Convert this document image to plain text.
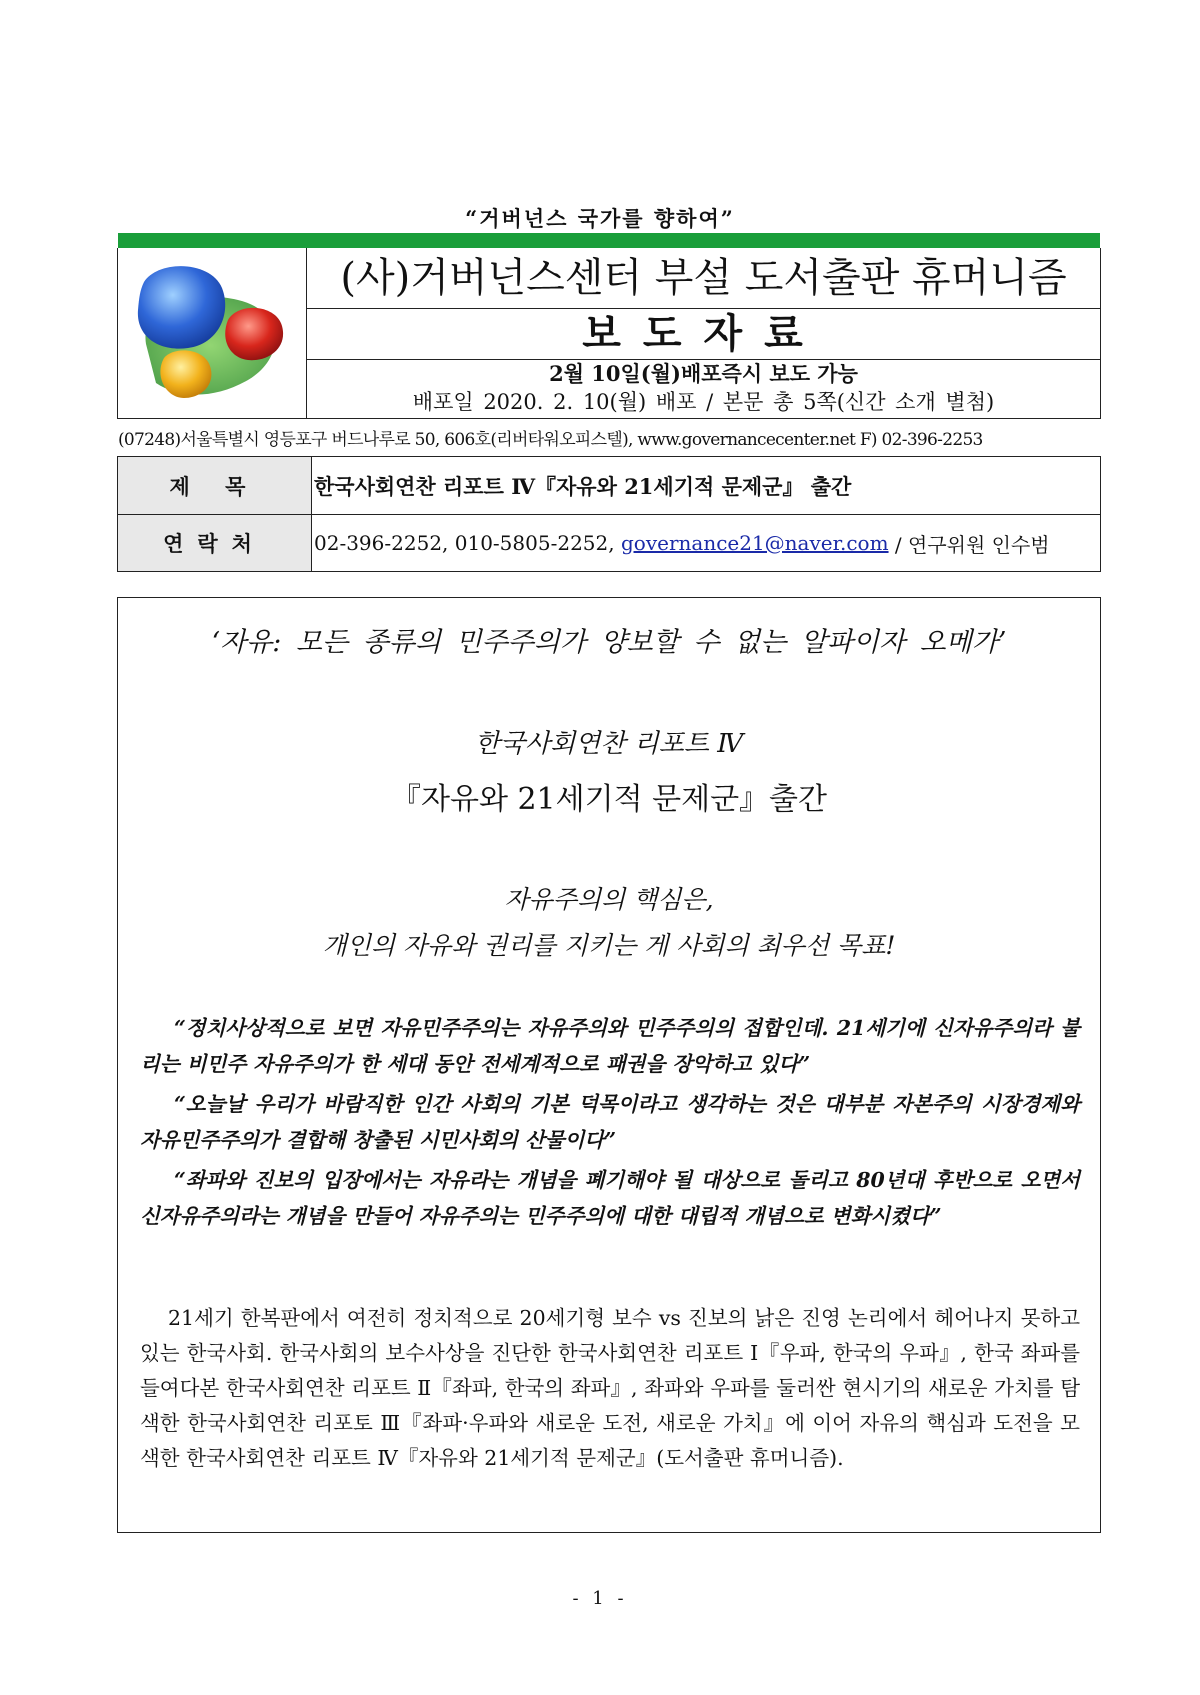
“거버넌스 국가를 향하여”
(사)거버넌스센터 부설 도서출판 휴머니즘
보도자료
2월 10일(월)배포즉시 보도 가능
배포일 2020. 2. 10(월) 배포 / 본문 총 5쪽(신간 소개 별첨)
(07248)서울특별시 영등포구 버드나루로 50, 606호(리버타워오피스텔), www.governancecenter.net F) 02-396-2253
제 목	한국사회연찬 리포트 Ⅳ『자유와 21세기적 문제군』 출간
연락처	02-396-2252, 010-5805-2252,
governance21@naver.com
/ 연구위원 인수범
‘자유: 모든 종류의 민주주의가 양보할 수 없는 알파이자 오메가’
한국사회연찬 리포트 Ⅳ
『자유와 21세기적 문제군』출간
자유주의의 핵심은,
개인의 자유와 권리를 지키는 게 사회의 최우선 목표!

“정치사상적으로 보면 자유민주주의는 자유주의와 민주주의의 접합인데. 21세기에 신자유주의라 불리는 비민주 자유주의가 한 세대 동안 전세계적으로 패권을 장악하고 있다”

“오늘날 우리가 바람직한 인간 사회의 기본 덕목이라고 생각하는 것은 대부분 자본주의 시장경제와 자유민주주의가 결합해 창출된 시민사회의 산물이다”

“좌파와 진보의 입장에서는 자유라는 개념을 폐기해야 될 대상으로 돌리고 80년대 후반으로 오면서 신자유주의라는 개념을 만들어 자유주의는 민주주의에 대한 대립적 개념으로 변화시켰다”

21세기 한복판에서 여전히 정치적으로 20세기형 보수 vs 진보의 낡은 진영 논리에서 헤어나지 못하고 있는 한국사회. 한국사회의 보수사상을 진단한 한국사회연찬 리포트 Ⅰ『우파, 한국의 우파』, 한국 좌파를 들여다본 한국사회연찬 리포트 Ⅱ『좌파, 한국의 좌파』, 좌파와 우파를 둘러싼 현시기의 새로운 가치를 탐색한 한국사회연찬 리포토 Ⅲ『좌파·우파와 새로운 도전, 새로운 가치』에 이어 자유의 핵심과 도전을 모색한 한국사회연찬 리포트 Ⅳ『자유와 21세기적 문제군』(도서출판 휴머니즘).

- 1 -
